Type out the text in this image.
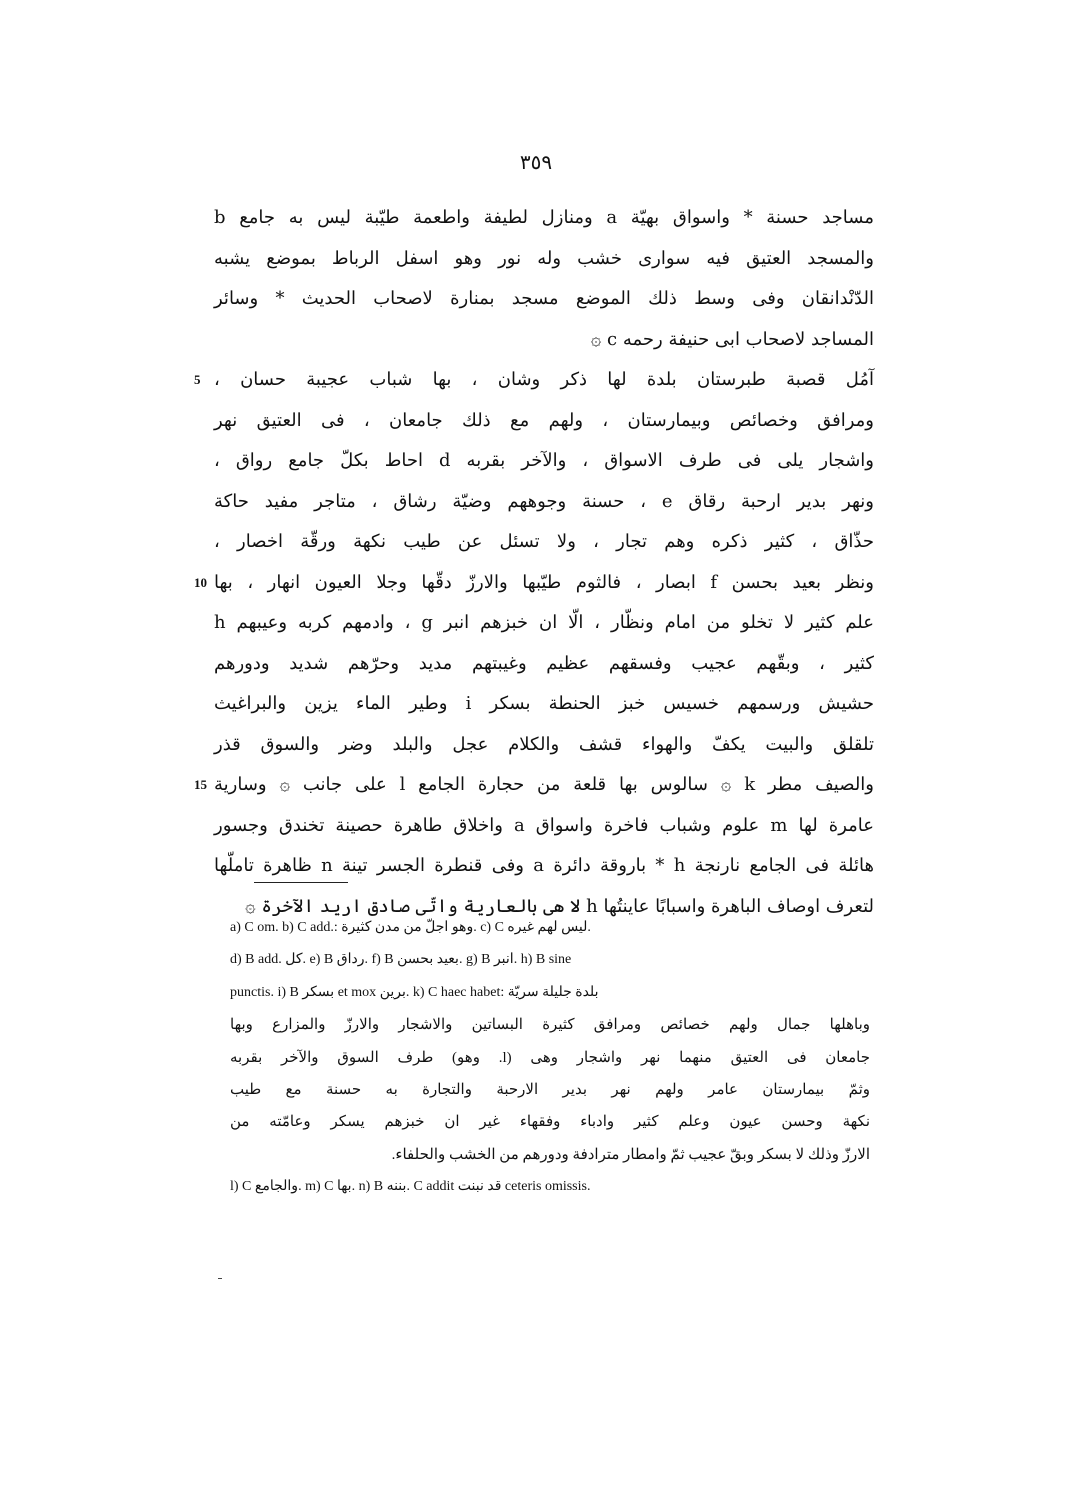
٣٥٩
مساجد حسنة * واسواق بهيّة a ومنازل لطيفة واطعمة طيّبة ليس به جامع b
والمسجد العتيق فيه سوارى خشب وله نور وهو اسفل الرباط بموضع يشبه
الدّنْدانقان وفى وسط ذلك الموضع مسجد بمنارة لاصحاب الحديث * وسائر
المساجد لاصحاب ابى حنيفة رحمه c ۞
آمُل قصبة طبرستان بلدة لها ذكر وشان ، بها شباب عجيبة حسان ،
5
ومرافق وخصائص وبيمارستان ، ولهم مع ذلك جامعان ، فى العتيق نهر
واشجار يلى فى طرف الاسواق ، والآخر بقربه d احاط بكلّ جامع رواق ،
ونهر بدير ارحبة رقاق e ، حسنة وجوههم وضيّة رشاق ، متاجر مفيد حاكة
حذّاق ، كثير ذكره وهم تجار ، ولا تسئل عن طيب نكهة ورقّة اخصار ،
ونظر بعيد بحسن f ابصار ، فالثوم طيّبها والارزّ دقّها وجلا العيون انهار ، بها
10
علم كثير لا تخلو من امام ونظّار ، الّا ان خبزهم انبر g ، وادمهم كربه وعيبهم h
كثير ، وبقّهم عجيب وفسقهم عظيم وغيبتهم مديد وحرّهم شديد ودورهم
حشيش ورسمهم خسيس خبز الحنطة بسكر i وطير الماء يزين والبراغيث
تلقلق والبيت يكفّ والهواء قشف والكلام عجل والبلد وضر والسوق قذر
والصيف مطر k ۞ سالوس بها قلعة من حجارة الجامع l على جانب ۞ وسارية
15
عامرة لها m علوم وشباب فاخرة واسواق a واخلاق طاهرة حصينة تخندق وجسور
هائلة فى الجامع نارنجة h * باروقة دائرة a وفى قنطرة الجسر تينة n ظاهرة تاملّها
لتعرف اوصاف الباهرة واسبابًا عاينتُها h لا هى بالعارية واتّى صادق اريد الآخرة ۞
a) C om. b) C add.: وهو اجلّ من مدن كثيرة. c) C ليس لهم غيره.
d) B add. كل. e) B رداق. f) B بعيد بحسن. g) B انبر. h) B sine
punctis. i) B بسكر et mox برين. k) C haec habet: بلدة جليلة سريّة
وباهلها جمال ولهم خصائص ومرافق كثيرة البساتين والاشجار والارزّ والمزارع وبها
جامعان فى العتيق منهما نهر واشجار وهى (l. وهو) طرف السوق والآخر بقربه
وثمّ بيمارستان عامر ولهم نهر بدير الارحبة والتجارة به حسنة مع طيب
نكهة وحسن عيون وعلم كثير وادباء وفقهاء غير ان خبزهم يسكر وعامّته من
الارزّ وذلك لا بسكر وبقّ عجيب ثمّ وامطار مترادفة ودورهم من الخشب والحلفاء.
l) C والجامع. m) C بها. n) B بننه. C addit قد نبنت ceteris omissis.
